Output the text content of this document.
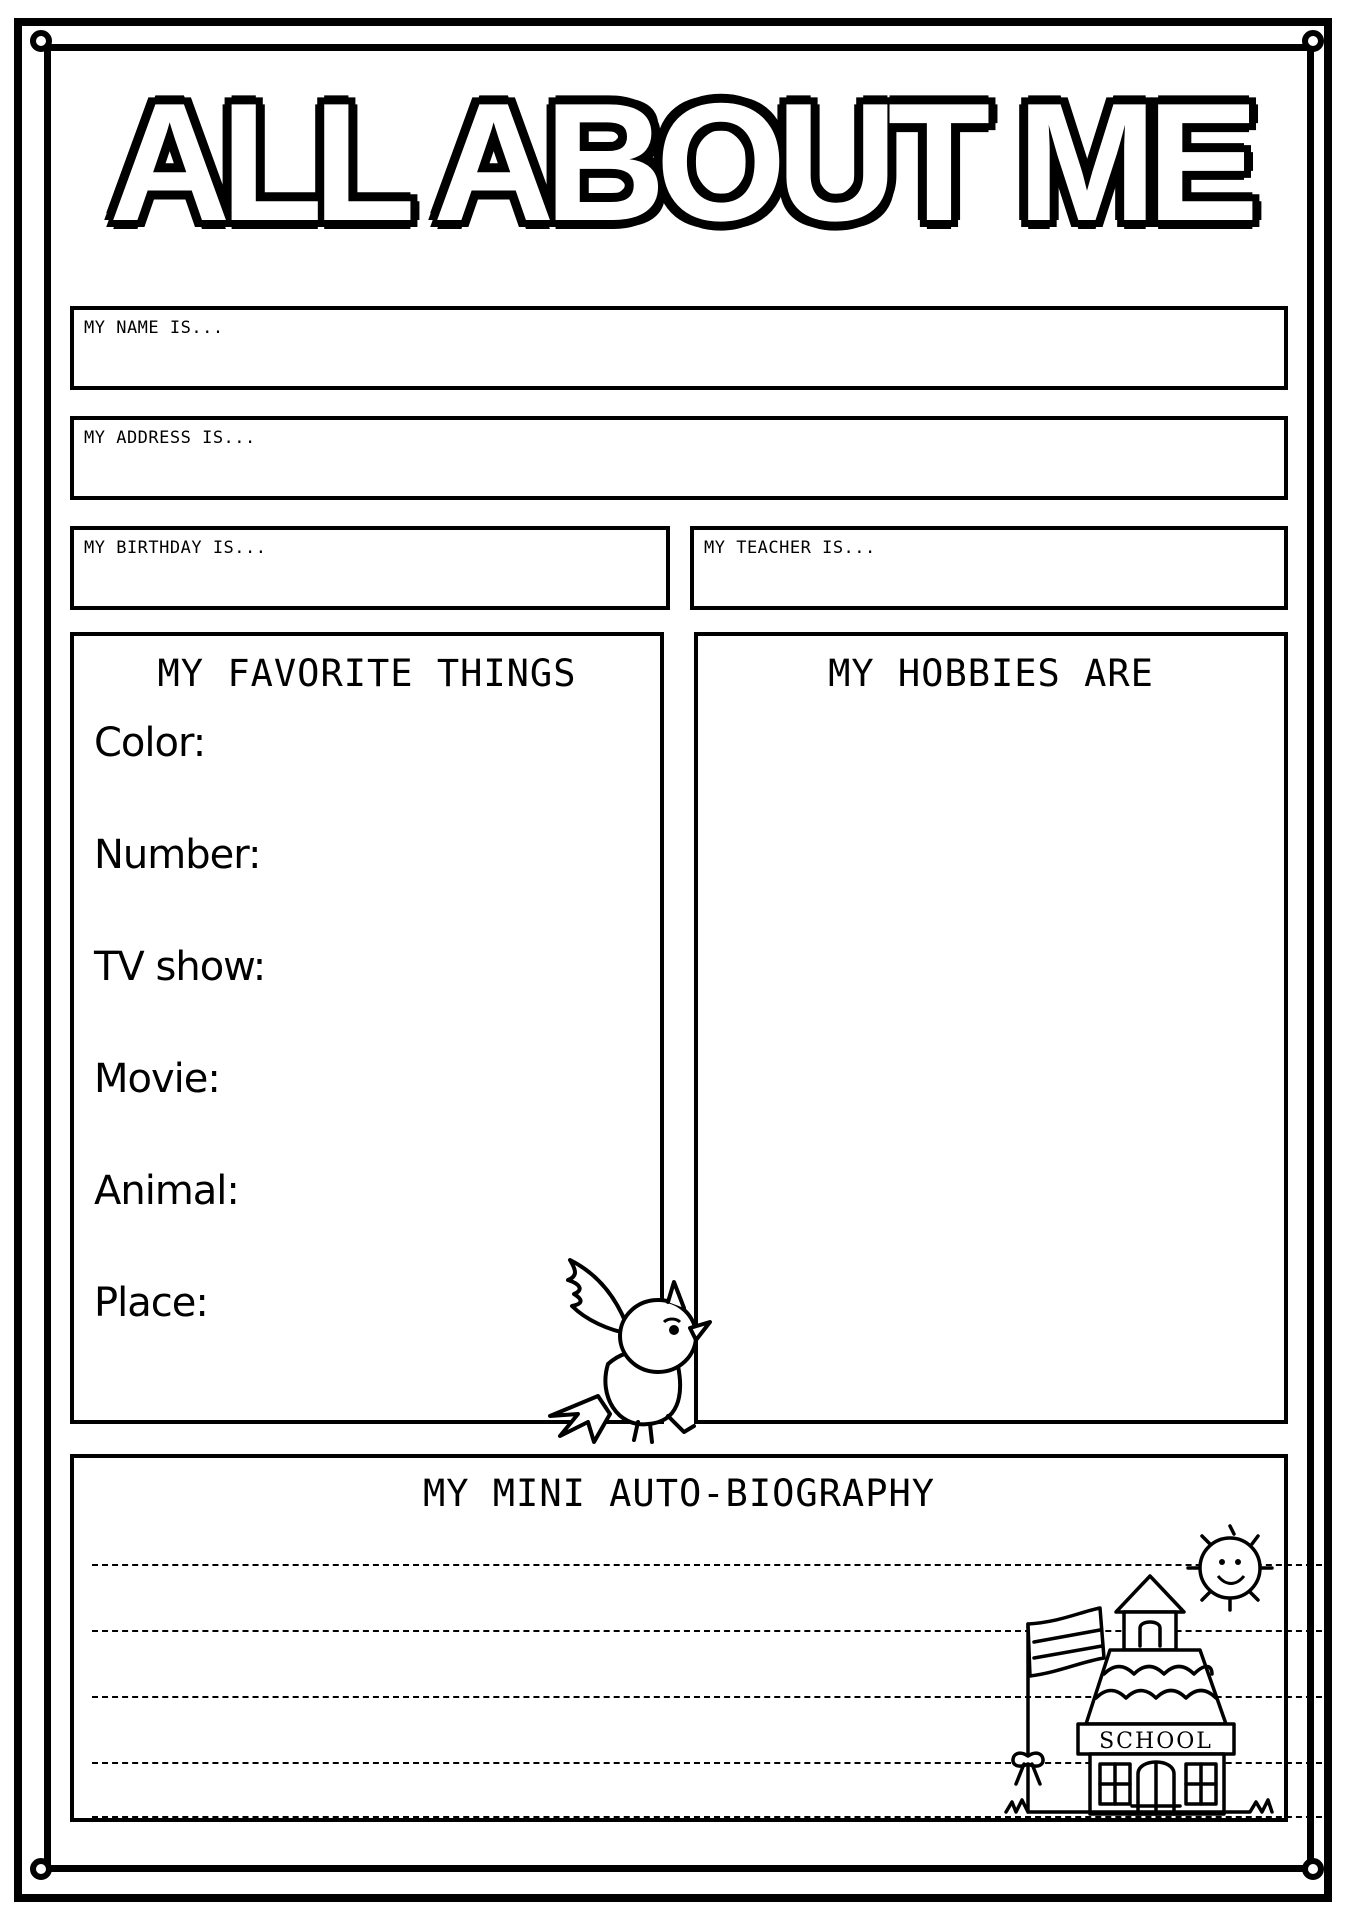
ALL ABOUT ME
MY NAME IS...
MY ADDRESS IS...
MY BIRTHDAY IS...	MY TEACHER IS...
MY FAVORITE THINGS
Color:
Number:
TV show:
Movie:
Animal:
Place:
MY HOBBIES ARE
MY MINI AUTO-BIOGRAPHY
SCHOOL
